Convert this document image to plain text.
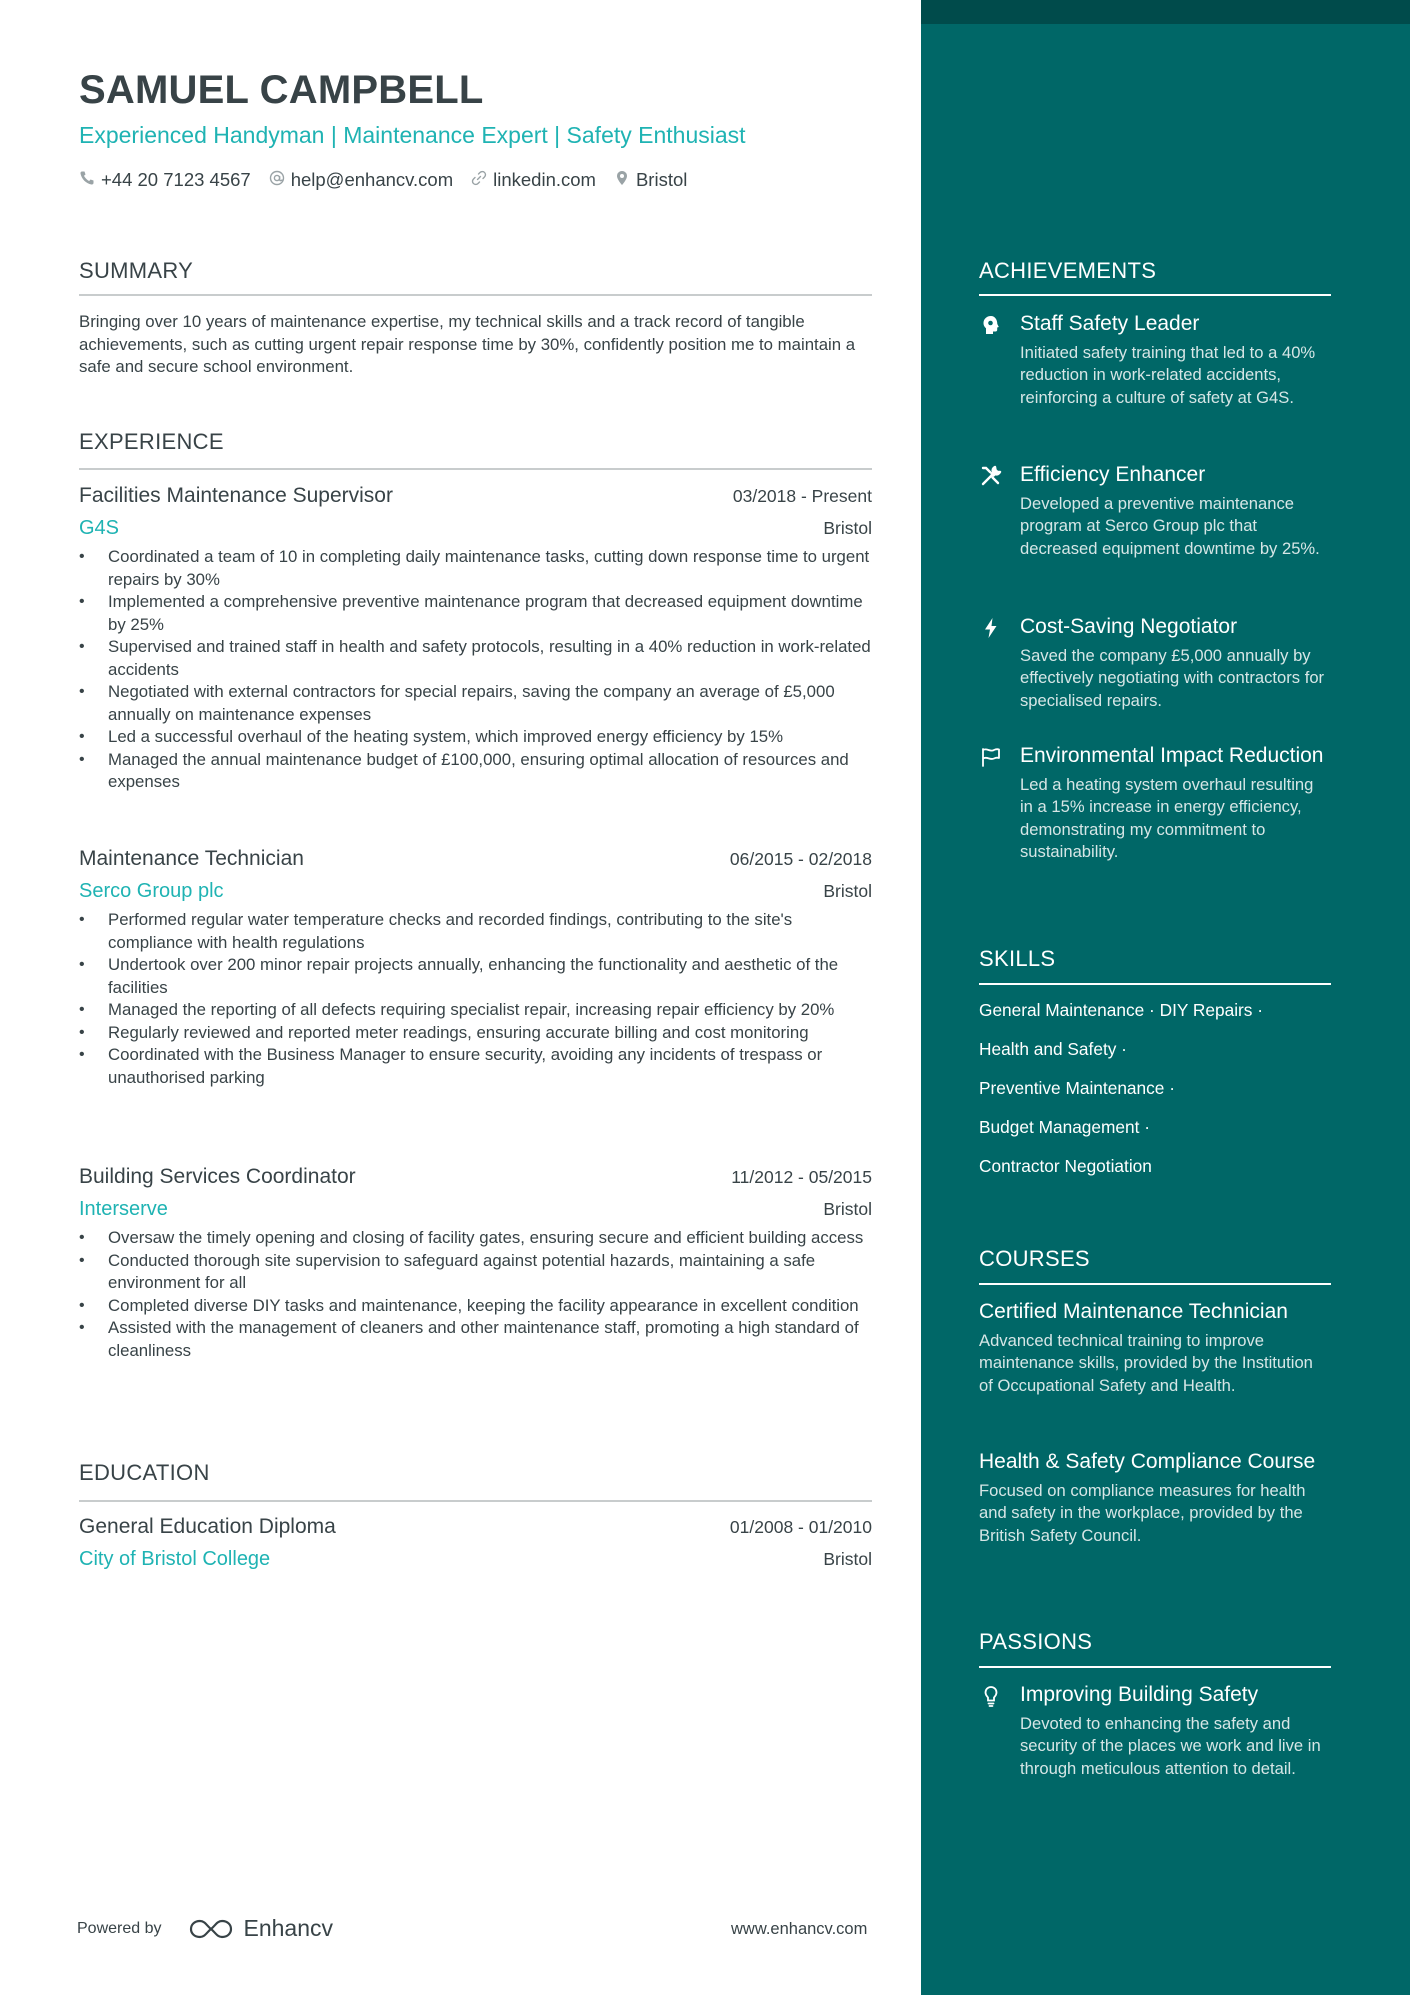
SAMUEL CAMPBELL
Experienced Handyman | Maintenance Expert | Safety Enthusiast
+44 20 7123 4567 help@enhancv.com linkedin.com Bristol
SUMMARY
Bringing over 10 years of maintenance expertise, my technical skills and a track record of tangible achievements, such as cutting urgent repair response time by 30%, confidently position me to maintain a safe and secure school environment.
EXPERIENCE
Facilities Maintenance Supervisor	03/2018 - Present
G4S	Bristol
• Coordinated a team of 10 in completing daily maintenance tasks, cutting down response time to urgent repairs by 30%
• Implemented a comprehensive preventive maintenance program that decreased equipment downtime by 25%
• Supervised and trained staff in health and safety protocols, resulting in a 40% reduction in work-related accidents
• Negotiated with external contractors for special repairs, saving the company an average of £5,000 annually on maintenance expenses
• Led a successful overhaul of the heating system, which improved energy efficiency by 15%
• Managed the annual maintenance budget of £100,000, ensuring optimal allocation of resources and expenses
Maintenance Technician	06/2015 - 02/2018
Serco Group plc	Bristol
• Performed regular water temperature checks and recorded findings, contributing to the site's compliance with health regulations
• Undertook over 200 minor repair projects annually, enhancing the functionality and aesthetic of the facilities
• Managed the reporting of all defects requiring specialist repair, increasing repair efficiency by 20%
• Regularly reviewed and reported meter readings, ensuring accurate billing and cost monitoring
• Coordinated with the Business Manager to ensure security, avoiding any incidents of trespass or unauthorised parking
Building Services Coordinator	11/2012 - 05/2015
Interserve	Bristol
• Oversaw the timely opening and closing of facility gates, ensuring secure and efficient building access
• Conducted thorough site supervision to safeguard against potential hazards, maintaining a safe environment for all
• Completed diverse DIY tasks and maintenance, keeping the facility appearance in excellent condition
• Assisted with the management of cleaners and other maintenance staff, promoting a high standard of cleanliness
EDUCATION
General Education Diploma	01/2008 - 01/2010
City of Bristol College	Bristol
ACHIEVEMENTS
Staff Safety Leader
Initiated safety training that led to a 40% reduction in work-related accidents, reinforcing a culture of safety at G4S.
Efficiency Enhancer
Developed a preventive maintenance program at Serco Group plc that decreased equipment downtime by 25%.
Cost-Saving Negotiator
Saved the company £5,000 annually by effectively negotiating with contractors for specialised repairs.
Environmental Impact Reduction
Led a heating system overhaul resulting in a 15% increase in energy efficiency, demonstrating my commitment to sustainability.
SKILLS
General Maintenance · DIY Repairs ·
Health and Safety ·
Preventive Maintenance ·
Budget Management ·
Contractor Negotiation
COURSES
Certified Maintenance Technician
Advanced technical training to improve maintenance skills, provided by the Institution of Occupational Safety and Health.
Health & Safety Compliance Course
Focused on compliance measures for health and safety in the workplace, provided by the British Safety Council.
PASSIONS
Improving Building Safety
Devoted to enhancing the safety and security of the places we work and live in through meticulous attention to detail.
Powered by	Enhancv	www.enhancv.com
